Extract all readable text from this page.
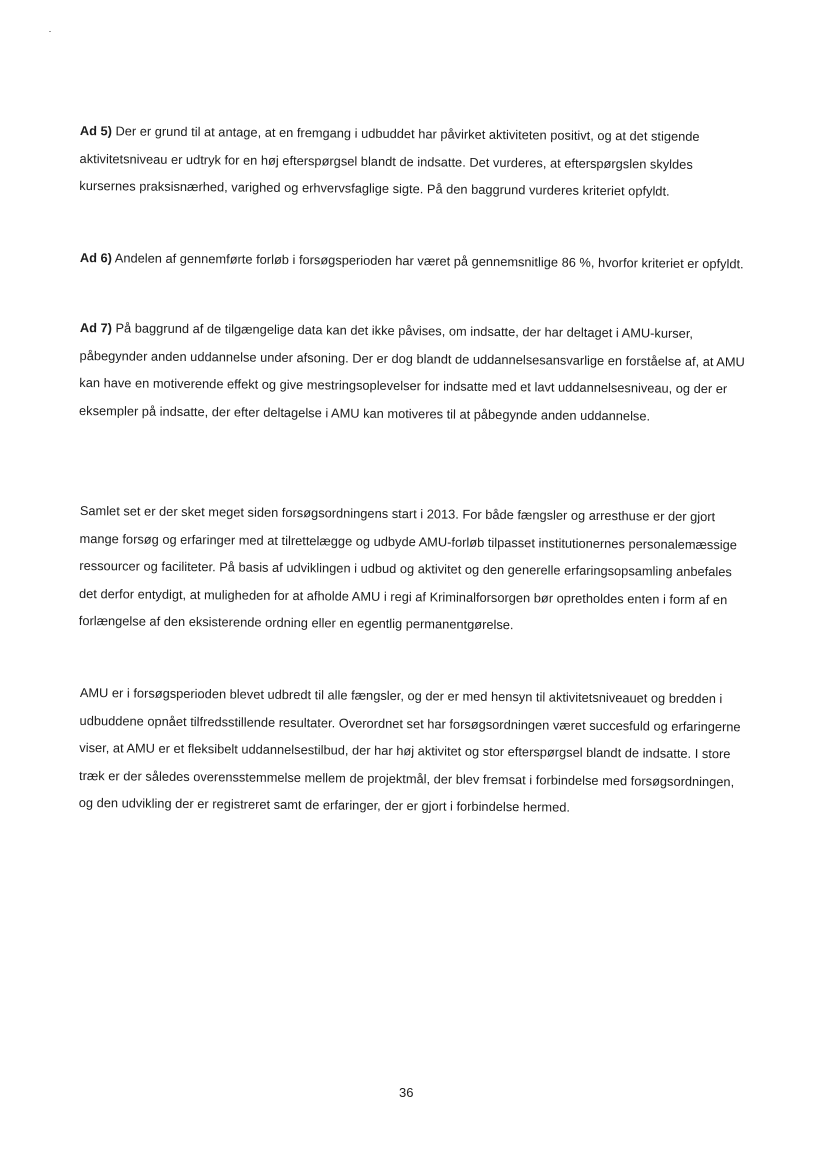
Ad 5) Der er grund til at antage, at en fremgang i udbuddet har påvirket aktiviteten positivt, og at det stigende aktivitetsniveau er udtryk for en høj efterspørgsel blandt de indsatte. Det vurderes, at efterspørgslen skyldes kursernes praksisnærhed, varighed og erhvervsfaglige sigte. På den baggrund vurderes kriteriet opfyldt.

Ad 6) Andelen af gennemførte forløb i forsøgsperioden har været på gennemsnitlige 86 %, hvorfor kriteriet er opfyldt.

Ad 7) På baggrund af de tilgængelige data kan det ikke påvises, om indsatte, der har deltaget i AMU-kurser, påbegynder anden uddannelse under afsoning. Der er dog blandt de uddannelsesansvarlige en forståelse af, at AMU kan have en motiverende effekt og give mestringsoplevelser for indsatte med et lavt uddannelsesniveau, og der er eksempler på indsatte, der efter deltagelse i AMU kan motiveres til at påbegynde anden uddannelse.

Samlet set er der sket meget siden forsøgsordningens start i 2013. For både fængsler og arresthuse er der gjort mange forsøg og erfaringer med at tilrettelægge og udbyde AMU-forløb tilpasset institutionernes personalemæssige ressourcer og faciliteter. På basis af udviklingen i udbud og aktivitet og den generelle erfaringsopsamling anbefales det derfor entydigt, at muligheden for at afholde AMU i regi af Kriminalforsorgen bør opretholdes enten i form af en forlængelse af den eksisterende ordning eller en egentlig permanentgørelse.

AMU er i forsøgsperioden blevet udbredt til alle fængsler, og der er med hensyn til aktivitetsniveauet og bredden i udbuddene opnået tilfredsstillende resultater. Overordnet set har forsøgsordningen været succesfuld og erfaringerne viser, at AMU er et fleksibelt uddannelsestilbud, der har høj aktivitet og stor efterspørgsel blandt de indsatte. I store træk er der således overensstemmelse mellem de projektmål, der blev fremsat i forbindelse med forsøgsordningen, og den udvikling der er registreret samt de erfaringer, der er gjort i forbindelse hermed.

36
